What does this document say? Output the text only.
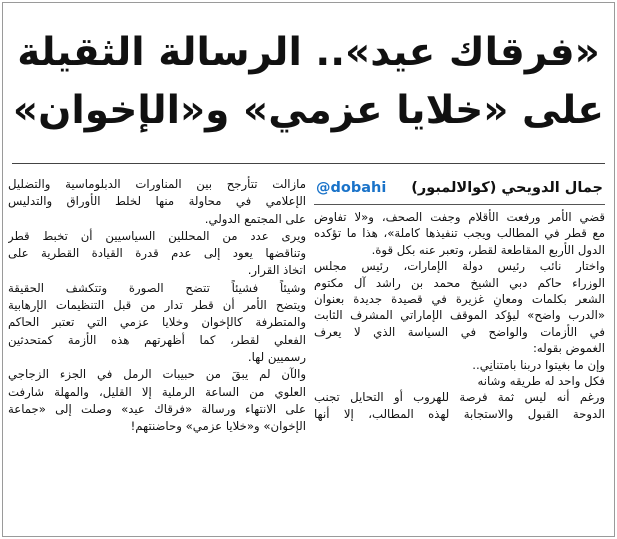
«فرقاك عيد».. الرسالة الثقيلة
على «خلايا عزمي» و«الإخوان»
جمال الدويحي (كوالالمبور)
@dobahi
قضي الأمر ورفعت الأقلام وجفت الصحف، و«لا تفاوض
مع قطر في المطالب ويجب تنفيذها كاملة»، هذا ما تؤكده
الدول الأربع المقاطعة لقطر، وتعبر عنه بكل قوة.
واختار نائب رئيس دولة الإمارات، رئيس مجلس
الوزراء حاكم دبي الشيخ محمد بن راشد آل مكتوم
الشعر بكلمات ومعانٍ غزيرة في قصيدة جديدة بعنوان
«الدرب واضح» ليؤكد الموقف الإماراتي المشرف الثابت
في الأزمات والواضح في السياسة الذي لا يعرف
الغموض بقوله:
وإن ما بغيتوا دربنا بامتنانِي..
فكل واحد له طريقه وشانه
ورغم أنه ليس ثمة فرصة للهروب أو التحايل تجنب
الدوحة القبول والاستجابة لهذه المطالب، إلا أنها
مازالت تتأرجح بين المناورات الدبلوماسية والتضليل
الإعلامي في محاولة منها لخلط الأوراق والتدليس
على المجتمع الدولي.
ويرى عدد من المحللين السياسيين أن تخبط قطر
وتناقضها يعود إلى عدم قدرة القيادة القطرية على
اتخاذ القرار.
وشيئاً فشيئاً تتضح الصورة وتتكشف الحقيقة
ويتضح الأمر أن قطر تدار من قبل التنظيمات الإرهابية
والمتطرفة كالإخوان وخلايا عزمي التي تعتبر الحاكم
الفعلي لقطر، كما أظهرتهم هذه الأزمة كمتحدثين
رسميين لها.
والآن لم يبقَ من حبيبات الرمل في الجزء الزجاجي
العلوي من الساعة الرملية إلا القليل، والمهلة شارفت
على الانتهاء ورسالة «فرقاك عيد» وصلت إلى «جماعة
الإخوان» و«خلايا عزمي» وحاضنتهم!
